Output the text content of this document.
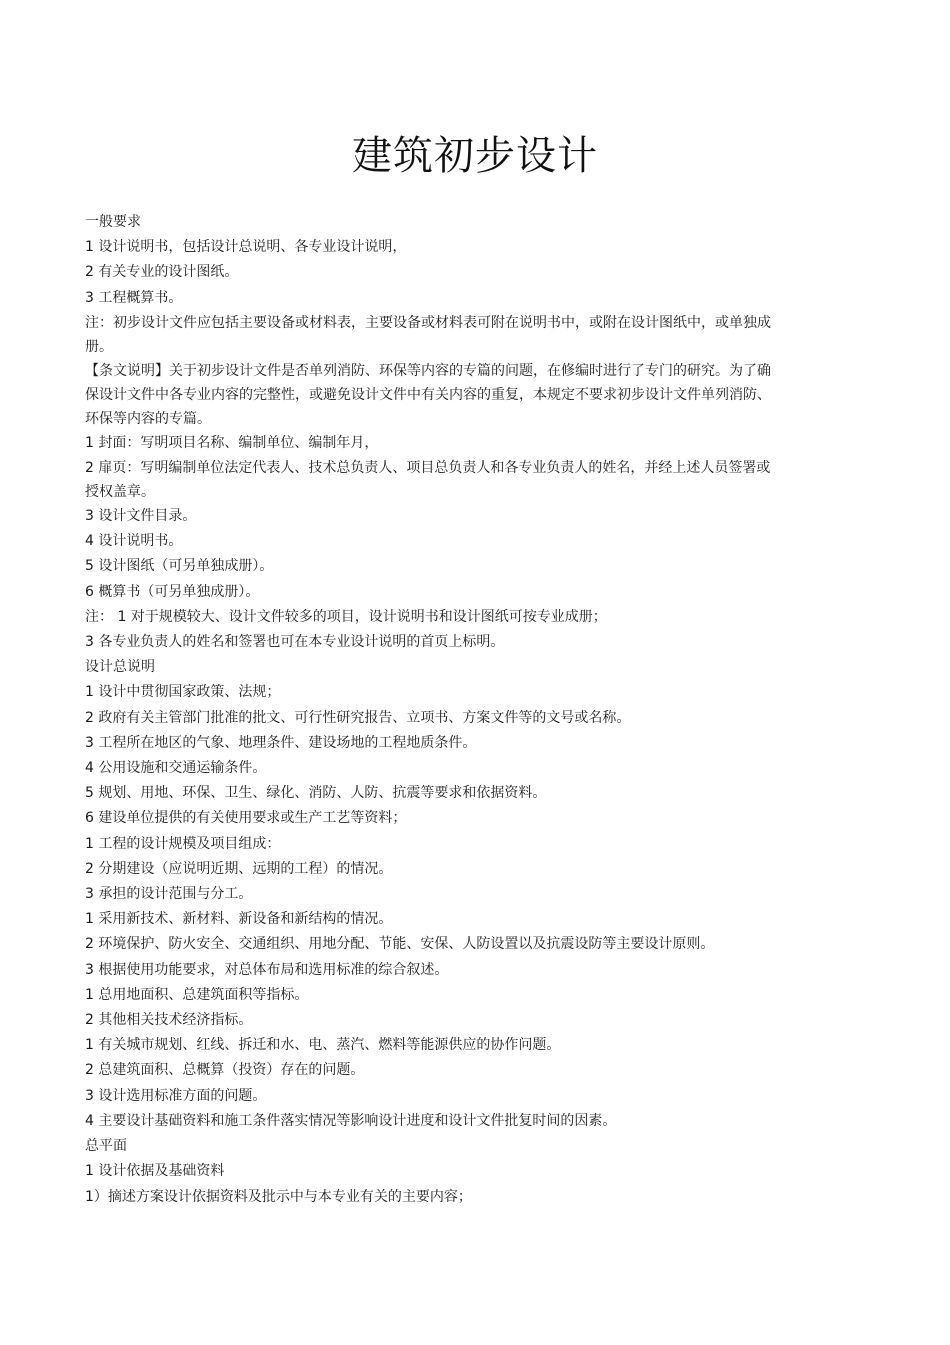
建筑初步设计

一般要求

1 设计说明书，包括设计总说明、各专业设计说明，

2 有关专业的设计图纸。

3 工程概算书。

注：初步设计文件应包括主要设备或材料表，主要设备或材料表可附在说明书中，或附在设计图纸中，或单独成册。

【条文说明】关于初步设计文件是否单列消防、环保等内容的专篇的问题，在修编时进行了专门的研究。为了确保设计文件中各专业内容的完整性，或避免设计文件中有关内容的重复，本规定不要求初步设计文件单列消防、环保等内容的专篇。

1 封面：写明项目名称、编制单位、编制年月，

2 扉页：写明编制单位法定代表人、技术总负责人、项目总负责人和各专业负责人的姓名，并经上述人员签署或授权盖章。

3 设计文件目录。

4 设计说明书。

5 设计图纸（可另单独成册）。

6 概算书（可另单独成册）。

注： 1 对于规模较大、设计文件较多的项目，设计说明书和设计图纸可按专业成册；

3 各专业负责人的姓名和签署也可在本专业设计说明的首页上标明。

设计总说明

1 设计中贯彻国家政策、法规；

2 政府有关主管部门批准的批文、可行性研究报告、立项书、方案文件等的文号或名称。

3 工程所在地区的气象、地理条件、建设场地的工程地质条件。

4 公用设施和交通运输条件。

5 规划、用地、环保、卫生、绿化、消防、人防、抗震等要求和依据资料。

6 建设单位提供的有关使用要求或生产工艺等资料；

1 工程的设计规模及项目组成：

2 分期建设（应说明近期、远期的工程）的情况。

3 承担的设计范围与分工。

1 采用新技术、新材料、新设备和新结构的情况。

2 环境保护、防火安全、交通组织、用地分配、节能、安保、人防设置以及抗震设防等主要设计原则。

3 根据使用功能要求，对总体布局和选用标准的综合叙述。

1 总用地面积、总建筑面积等指标。

2 其他相关技术经济指标。

1 有关城市规划、红线、拆迁和水、电、蒸汽、燃料等能源供应的协作问题。

2 总建筑面积、总概算（投资）存在的问题。

3 设计选用标准方面的问题。

4 主要设计基础资料和施工条件落实情况等影响设计进度和设计文件批复时间的因素。

总平面

1 设计依据及基础资料

1）摘述方案设计依据资料及批示中与本专业有关的主要内容；
